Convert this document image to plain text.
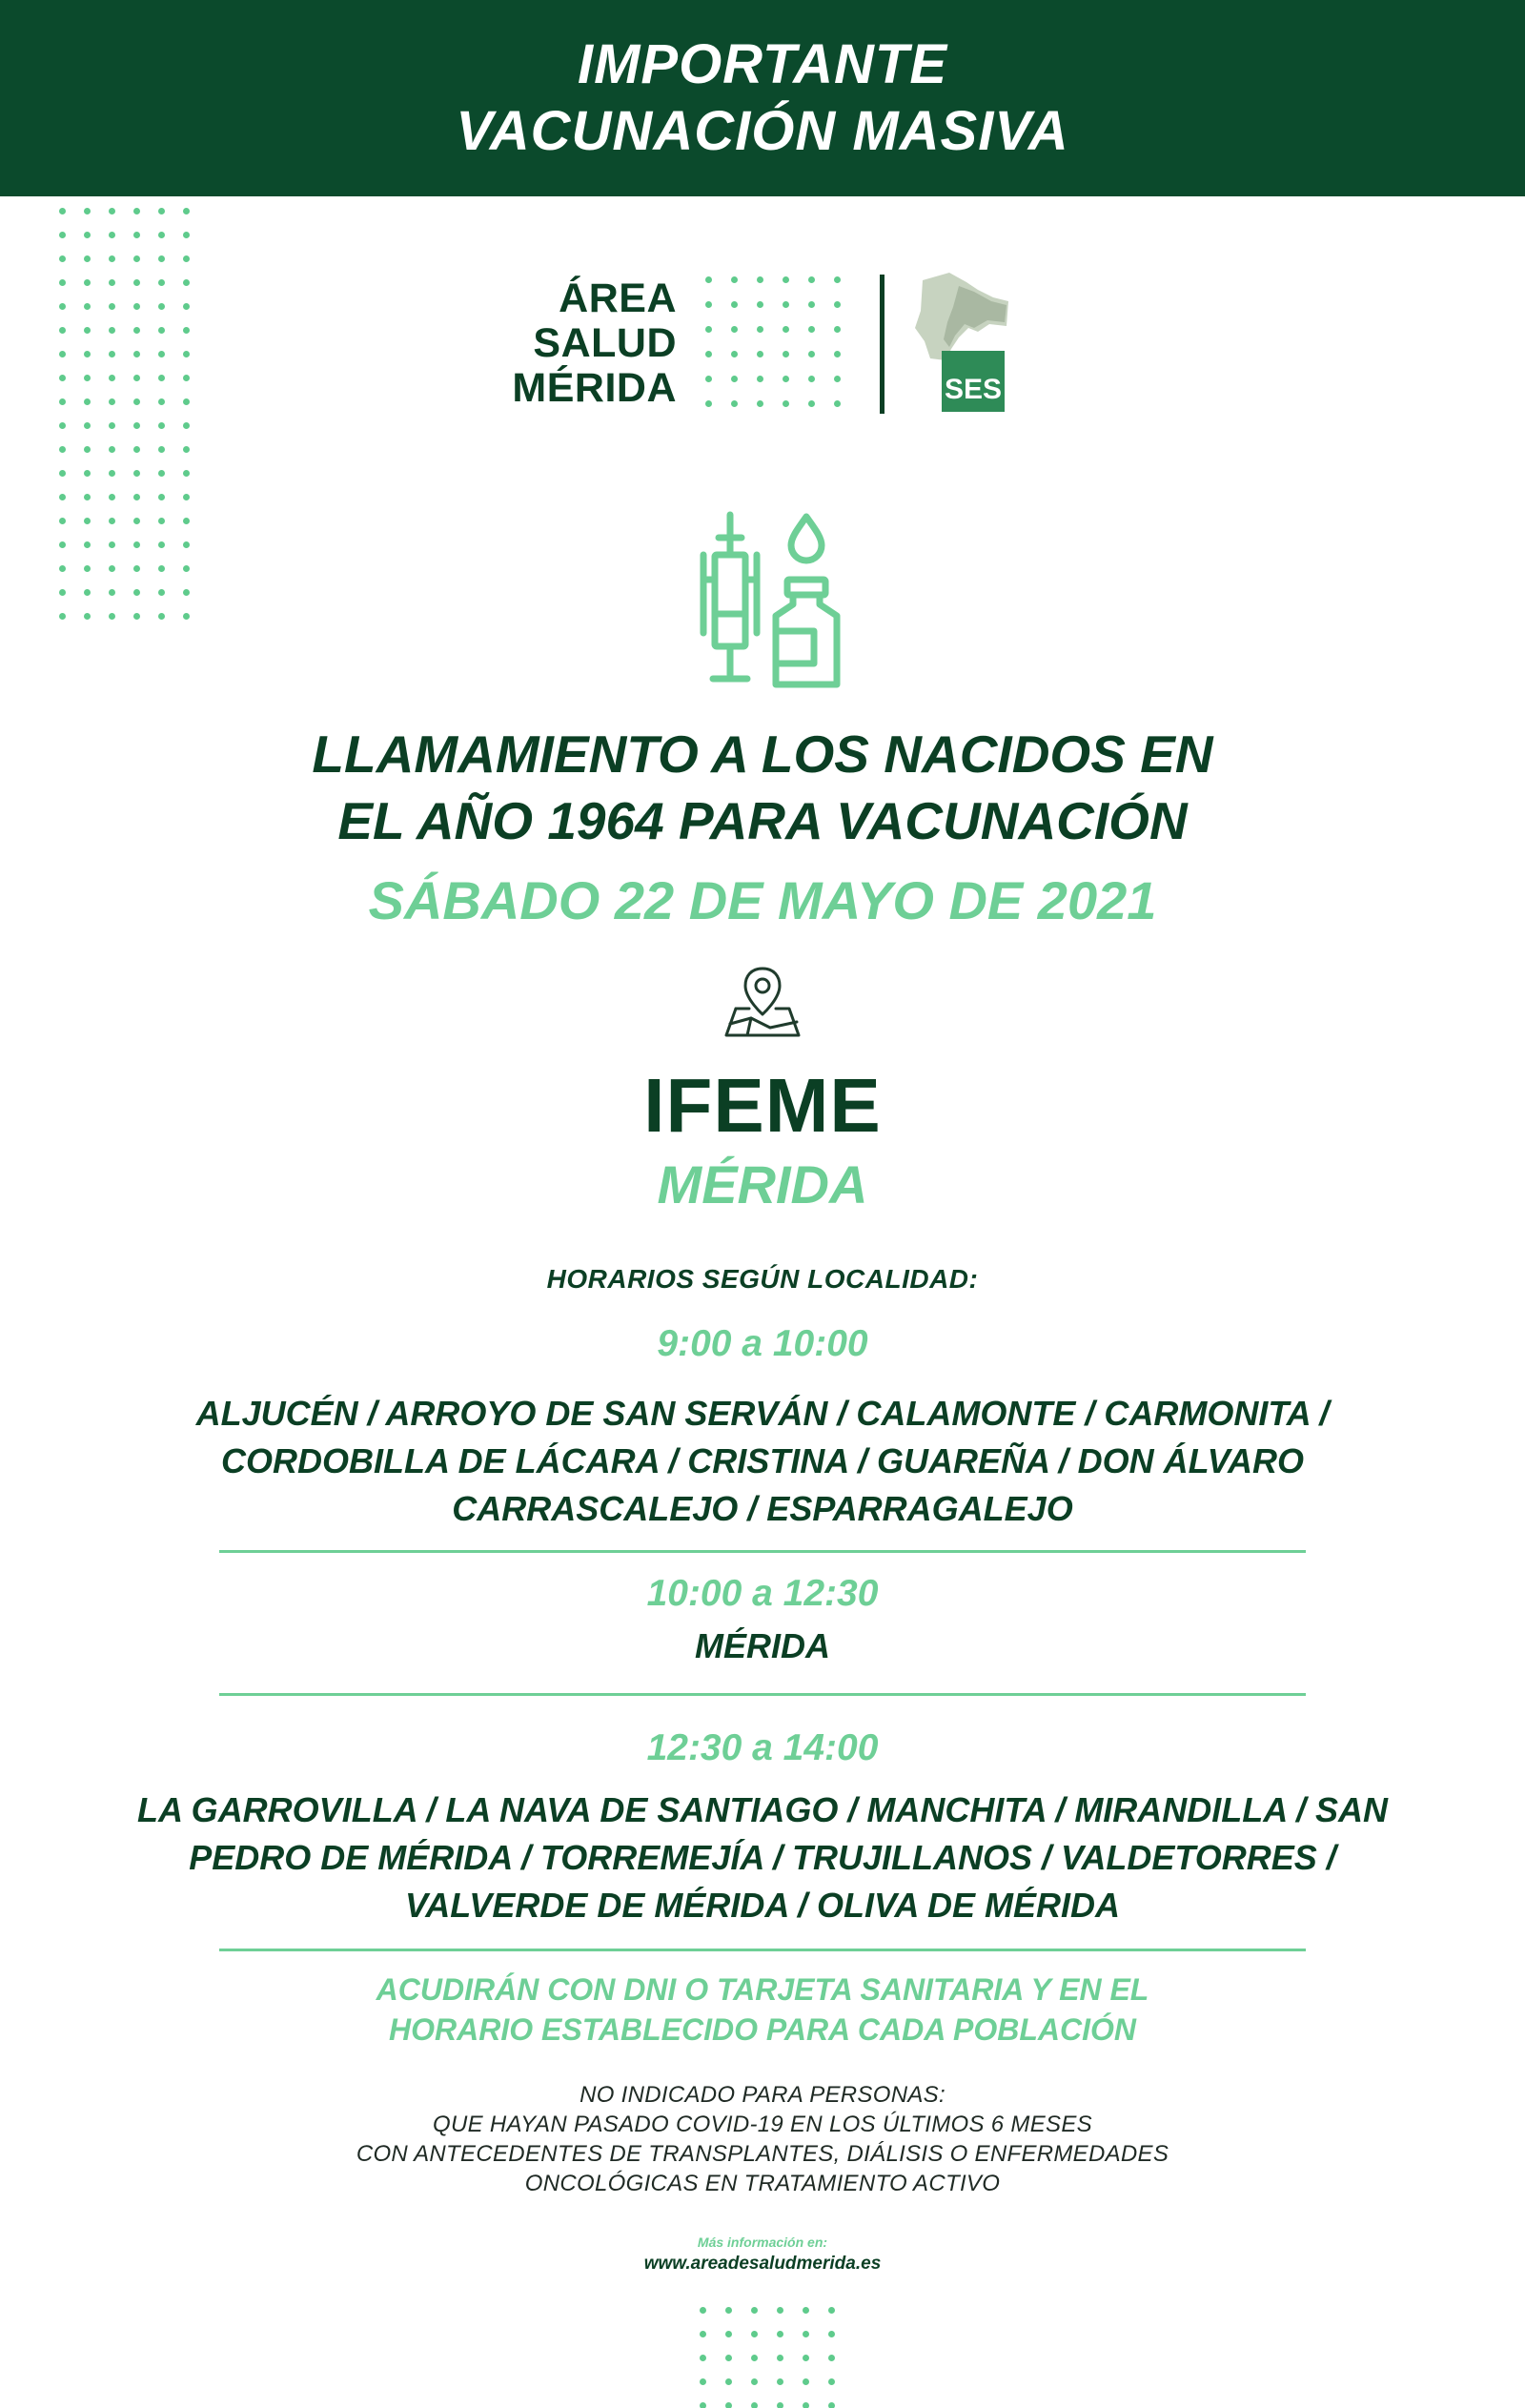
IMPORTANTE
VACUNACIÓN MASIVA
ÁREA
SALUD
MÉRIDA	SES
LLAMAMIENTO A LOS NACIDOS EN
EL AÑO 1964 PARA VACUNACIÓN
SÁBADO 22 DE MAYO DE 2021
IFEME
MÉRIDA
HORARIOS SEGÚN LOCALIDAD:
9:00 a 10:00
ALJUCÉN / ARROYO DE SAN SERVÁN / CALAMONTE / CARMONITA /
CORDOBILLA DE LÁCARA / CRISTINA / GUAREÑA / DON ÁLVARO
CARRASCALEJO / ESPARRAGALEJO
10:00 a 12:30
MÉRIDA
12:30 a 14:00
LA GARROVILLA / LA NAVA DE SANTIAGO / MANCHITA / MIRANDILLA / SAN
PEDRO DE MÉRIDA / TORREMEJÍA / TRUJILLANOS / VALDETORRES /
VALVERDE DE MÉRIDA / OLIVA DE MÉRIDA
ACUDIRÁN CON DNI O TARJETA SANITARIA Y EN EL
HORARIO ESTABLECIDO PARA CADA POBLACIÓN
NO INDICADO PARA PERSONAS:
QUE HAYAN PASADO COVID-19 EN LOS ÚLTIMOS 6 MESES
CON ANTECEDENTES DE TRANSPLANTES, DIÁLISIS O ENFERMEDADES
ONCOLÓGICAS EN TRATAMIENTO ACTIVO
Más información en:
www.areadesaludmerida.es
